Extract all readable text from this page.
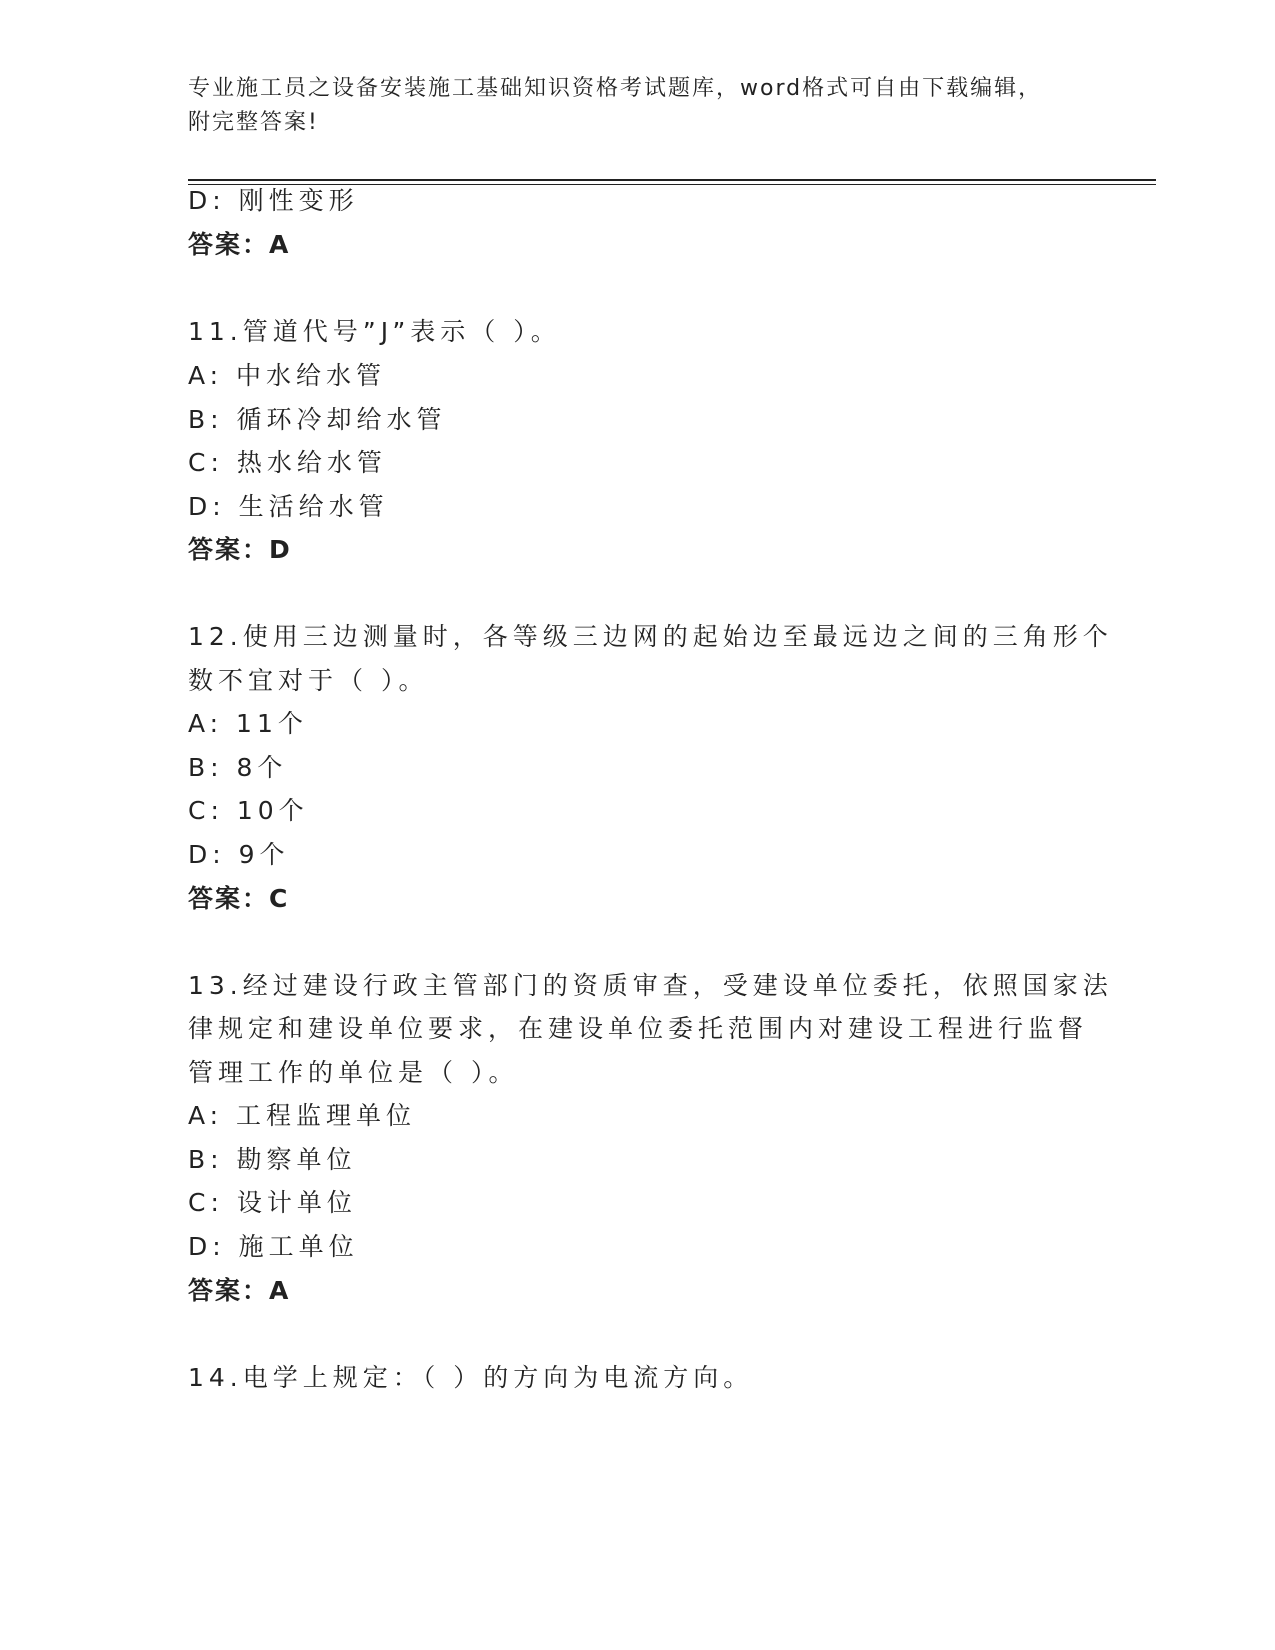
专业施工员之设备安装施工基础知识资格考试题库，word格式可自由下载编辑，
附完整答案!
D: 刚性变形
答案：A
11.管道代号”J”表示（ ）。
A: 中水给水管
B: 循环冷却给水管
C: 热水给水管
D: 生活给水管
答案：D
12.使用三边测量时，各等级三边网的起始边至最远边之间的三角形个
数不宜对于（ ）。
A: 11个
B: 8个
C: 10个
D: 9个
答案：C
13.经过建设行政主管部门的资质审查，受建设单位委托，依照国家法
律规定和建设单位要求，在建设单位委托范围内对建设工程进行监督
管理工作的单位是（ ）。
A: 工程监理单位
B: 勘察单位
C: 设计单位
D: 施工单位
答案：A
14.电学上规定：（ ）的方向为电流方向。
